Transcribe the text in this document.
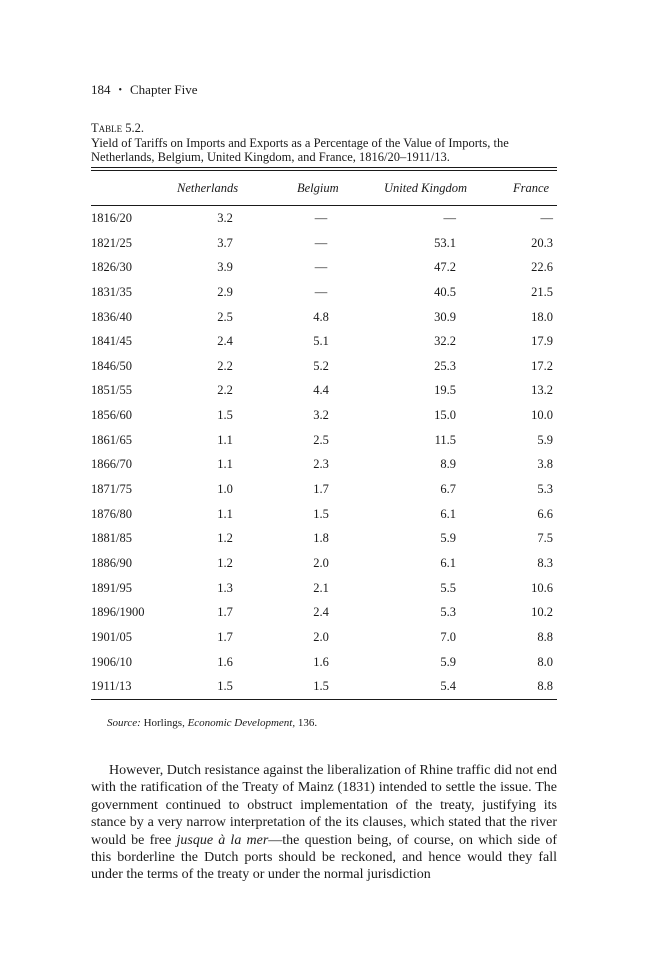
184 • Chapter Five
Table 5.2.
Yield of Tariffs on Imports and Exports as a Percentage of the Value of Imports, the Netherlands, Belgium, United Kingdom, and France, 1816/20–1911/13.
Netherlands	Belgium	United Kingdom	France
1816/20	3.2	—	—	—
1821/25	3.7	—	53.1	20.3
1826/30	3.9	—	47.2	22.6
1831/35	2.9	—	40.5	21.5
1836/40	2.5	4.8	30.9	18.0
1841/45	2.4	5.1	32.2	17.9
1846/50	2.2	5.2	25.3	17.2
1851/55	2.2	4.4	19.5	13.2
1856/60	1.5	3.2	15.0	10.0
1861/65	1.1	2.5	11.5	5.9
1866/70	1.1	2.3	8.9	3.8
1871/75	1.0	1.7	6.7	5.3
1876/80	1.1	1.5	6.1	6.6
1881/85	1.2	1.8	5.9	7.5
1886/90	1.2	2.0	6.1	8.3
1891/95	1.3	2.1	5.5	10.6
1896/1900	1.7	2.4	5.3	10.2
1901/05	1.7	2.0	7.0	8.8
1906/10	1.6	1.6	5.9	8.0
1911/13	1.5	1.5	5.4	8.8
Source: Horlings, Economic Development, 136.
However, Dutch resistance against the liberalization of Rhine traffic did not end with the ratification of the Treaty of Mainz (1831) intended to settle the issue. The government continued to obstruct implementation of the treaty, justifying its stance by a very narrow interpretation of the its clauses, which stated that the river would be free jusque à la mer—the question being, of course, on which side of this borderline the Dutch ports should be reckoned, and hence would they fall under the terms of the treaty or under the normal jurisdiction
